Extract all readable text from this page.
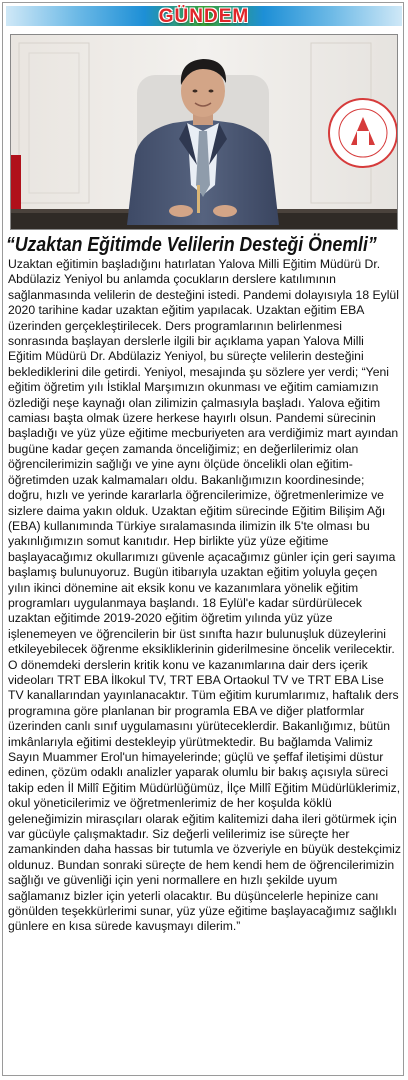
GÜNDEM
“Uzaktan Eğitimde Velilerin Desteği Önemli”

Uzaktan eğitimin başladığını hatırlatan Yalova Milli Eğitim Müdürü Dr. Abdülaziz Yeniyol bu anlamda çocukların derslere katılımının sağlanmasında velilerin de desteğini istedi. Pandemi dolayısıyla 18 Eylül 2020 tarihine kadar uzaktan eğitim yapılacak. Uzaktan eğitim EBA üzerinden gerçekleştirilecek. Ders programlarının belirlenmesi sonrasında başlayan derslerle ilgili bir açıklama yapan Yalova Milli Eğitim Müdürü Dr. Abdülaziz Yeniyol, bu süreçte velilerin desteğini beklediklerini dile getirdi. Yeniyol, mesajında şu sözlere yer verdi; “Yeni eğitim öğretim yılı İstiklal Marşımızın okunması ve eğitim camiamızın özlediği neşe kaynağı olan zilimizin çalmasıyla başladı. Yalova eğitim camiası başta olmak üzere herkese hayırlı olsun. Pandemi sürecinin başladığı ve yüz yüze eğitime mecburiyeten ara verdiğimiz mart ayından bugüne kadar geçen zamanda önceliğimiz; en değerlilerimiz olan öğrencilerimizin sağlığı ve yine aynı ölçüde öncelikli olan eğitim-öğretimden uzak kalmamaları oldu. Bakanlığımızın koordinesinde; doğru, hızlı ve yerinde kararlarla öğrencilerimize, öğretmenlerimize ve sizlere daima yakın olduk. Uzaktan eğitim sürecinde Eğitim Bilişim Ağı (EBA) kullanımında Türkiye sıralamasında ilimizin ilk 5'te olması bu yakınlığımızın somut kanıtıdır. Hep birlikte yüz yüze eğitime başlayacağımız okullarımızı güvenle açacağımız günler için geri sayıma başlamış bulunuyoruz. Bugün itibarıyla uzaktan eğitim yoluyla geçen yılın ikinci döneminе ait eksik konu ve kazanımlara yönelik eğitim programları uygulanmaya başlandı. 18 Eylül'e kadar sürdürülecek uzaktan eğitimde 2019-2020 eğitim öğretim yılında yüz yüze işlenemeyen ve öğrencilerin bir üst sınıfta hazır bulunuşluk düzeylerini etkileyebilecek öğrenme eksikliklerinin giderilmesine öncelik verilecektir. O dönemdeki derslerin kritik konu ve kazanımlarına dair ders içerik videoları TRT EBA İlkokul TV, TRT EBA Ortaokul TV ve TRT EBA Lise TV kanallarından yayınlanacaktır. Tüm eğitim kurumlarımız, haftalık ders programına göre planlanan bir programla EBA ve diğer platformlar üzerinden canlı sınıf uygulamasını yürüteceklerdir. Bakanlığımız, bütün imkânlarıyla eğitimi destekleyip yürütmektedir. Bu bağlamda Valimiz Sayın Muammer Erol'un himayelerinde; güçlü ve şeffaf iletişimi düstur edinen, çözüm odaklı analizler yaparak olumlu bir bakış açısıyla süreci takip eden İl Millî Eğitim Müdürlüğümüz, İlçe Millî Eğitim Müdürlüklerimiz, okul yöneticilerimiz ve öğretmenlerimiz de her koşulda köklü geleneğimizin mirasçıları olarak eğitim kalitemizi daha ileri götürmek için var gücüyle çalışmaktadır. Siz değerli velilerimiz ise süreçte her zamankinden daha hassas bir tutumla ve özveriyle en büyük destekçimiz oldunuz. Bundan sonraki süreçte de hem kendi hem de öğrencilerimizin sağlığı ve güvenliği için yeni normallere en hızlı şekilde uyum sağlamanız bizler için yeterli olacaktır. Bu düşüncelerle hepinize canı gönülden teşekkürlerimi sunar, yüz yüze eğitime başlayacağımız sağlıklı günlere en kısa sürede kavuşmayı dilerim.”
